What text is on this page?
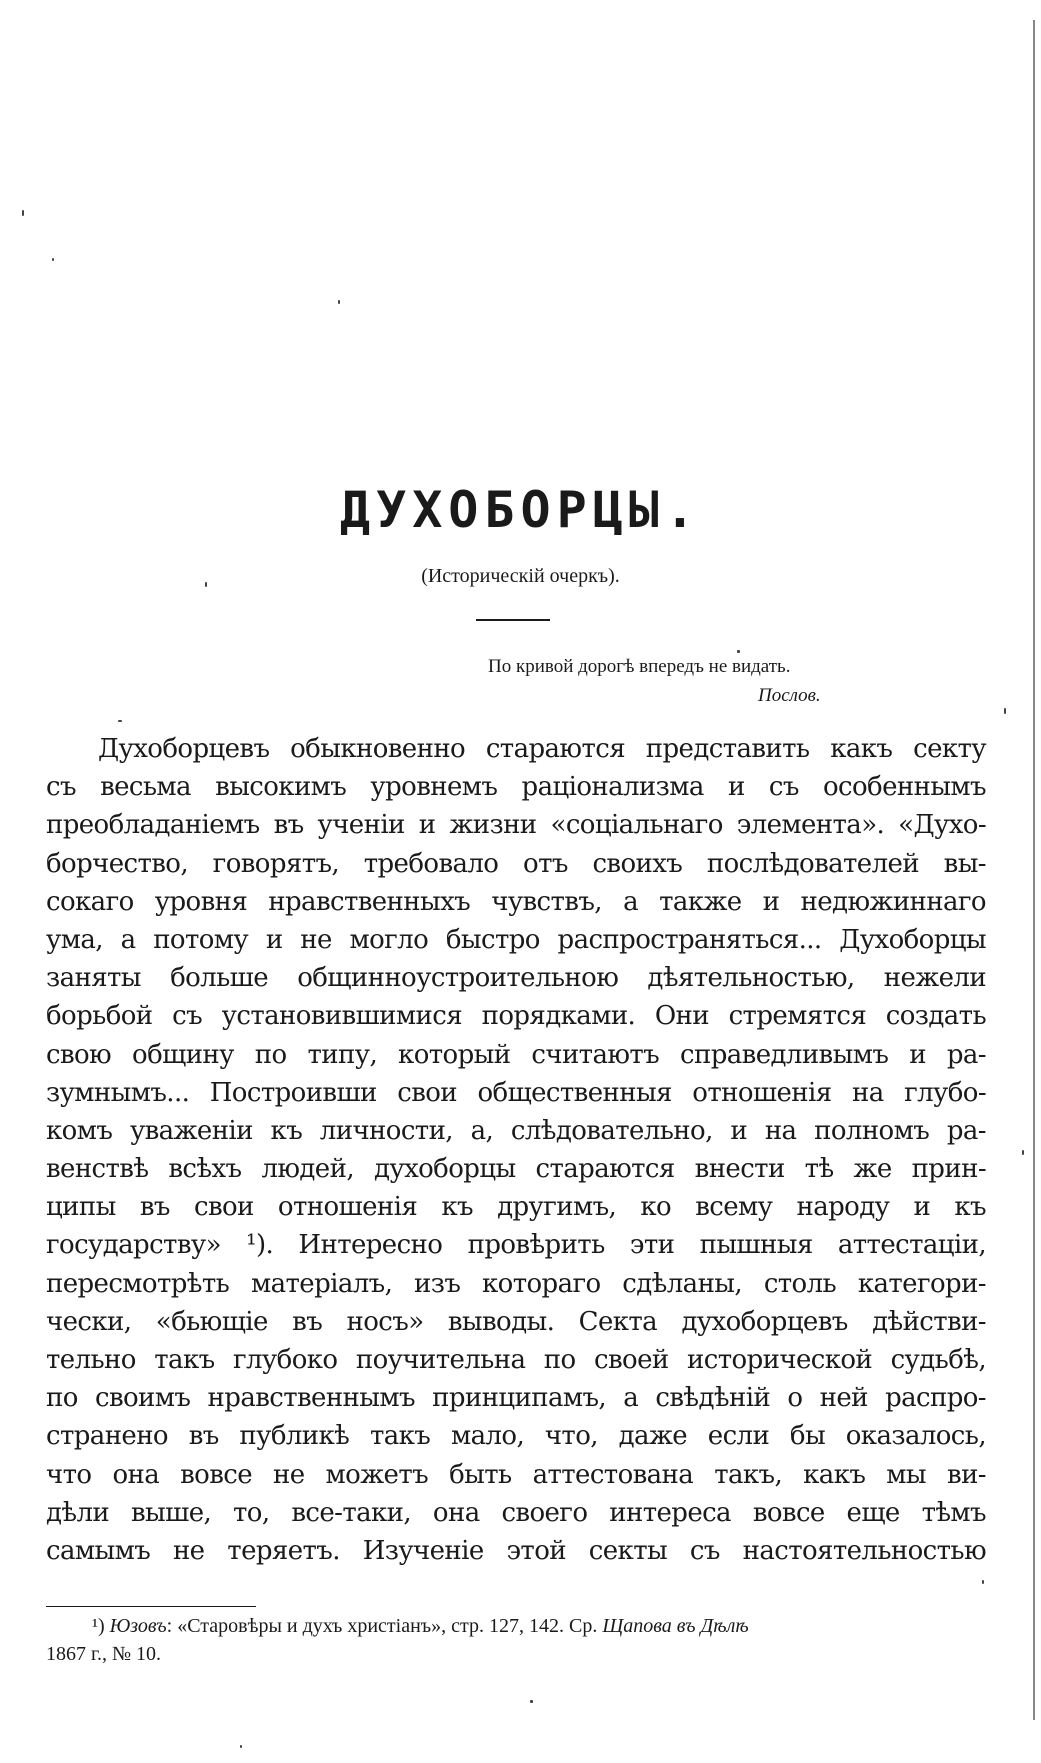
ДУХОБОРЦЫ.
(Историческій очеркъ).
По кривой дорогѣ впередъ не видать.
Послов.
Духоборцевъ обыкновенно стараются представить какъ секту
съ весьма высокимъ уровнемъ раціонализма и съ особеннымъ
преобладаніемъ въ ученіи и жизни «соціальнаго элемента». «Духо-
борчество, говорятъ, требовало отъ своихъ послѣдователей вы-
сокаго уровня нравственныхъ чувствъ, а также и недюжиннаго
ума, а потому и не могло быстро распространяться... Духоборцы
заняты больше общинноустроительною дѣятельностью, нежели
борьбой съ установившимися порядками. Они стремятся создать
свою общину по типу, который считаютъ справедливымъ и ра-
зумнымъ... Построивши свои общественныя отношенія на глубо-
комъ уваженіи къ личности, а, слѣдовательно, и на полномъ ра-
венствѣ всѣхъ людей, духоборцы стараются внести тѣ же прин-
ципы въ свои отношенія къ другимъ, ко всему народу и къ
государству» ¹). Интересно провѣрить эти пышныя аттестаціи,
пересмотрѣть матеріалъ, изъ котораго сдѣланы, столь категори-
чески, «бьющіе въ носъ» выводы. Секта духоборцевъ дѣйстви-
тельно такъ глубоко поучительна по своей исторической судьбѣ,
по своимъ нравственнымъ принципамъ, а свѣдѣній о ней распро-
странено въ публикѣ такъ мало, что, даже если бы оказалось,
что она вовсе не можетъ быть аттестована такъ, какъ мы ви-
дѣли выше, то, все-таки, она своего интереса вовсе еще тѣмъ
самымъ не теряетъ. Изученіе этой секты съ настоятельностью
¹) Юзовъ: «Старовѣры и духъ христіанъ», стр. 127, 142. Ср. Щапова въ Дѣлѣ
1867 г., № 10.
